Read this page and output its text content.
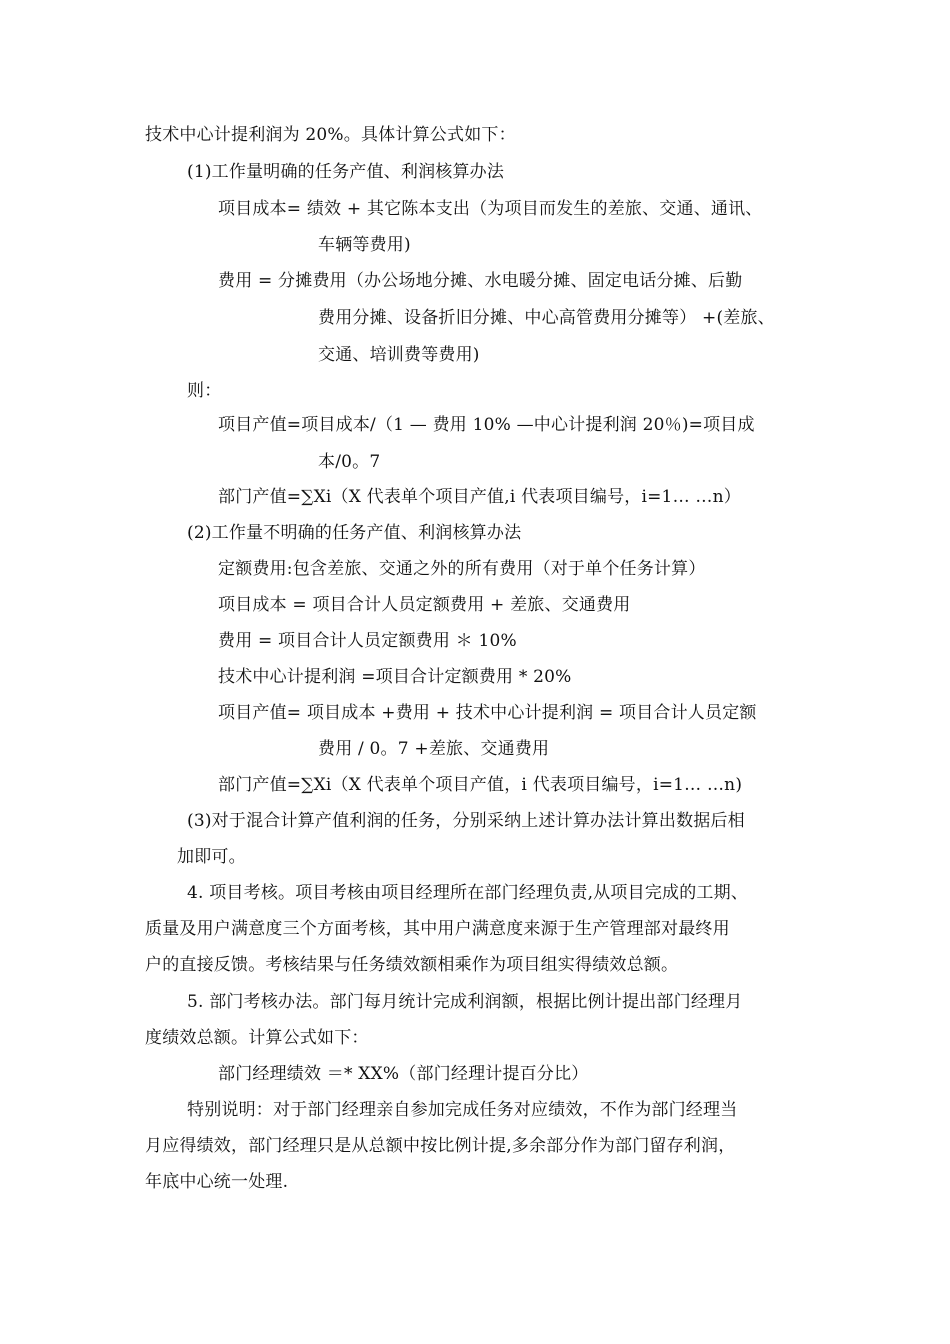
技术中心计提利润为 20%。具体计算公式如下：
(1)工作量明确的任务产值、利润核算办法
项目成本= 绩效 + 其它陈本支出（为项目而发生的差旅、交通、通讯、
车辆等费用)
费用 = 分摊费用（办公场地分摊、水电暖分摊、固定电话分摊、后勤
费用分摊、设备折旧分摊、中心高管费用分摊等） +(差旅、
交通、培训费等费用)
则：
项目产值=项目成本/（1 — 费用 10% —中心计提利润 20％)=项目成
本/0。7
部门产值=∑Xi（X 代表单个项目产值,i 代表项目编号，i=1… …n）
(2)工作量不明确的任务产值、利润核算办法
定额费用:包含差旅、交通之外的所有费用（对于单个任务计算）
项目成本 = 项目合计人员定额费用 + 差旅、交通费用
费用 = 项目合计人员定额费用 ＊ 10%
技术中心计提利润 =项目合计定额费用 * 20%
项目产值= 项目成本 +费用 + 技术中心计提利润 = 项目合计人员定额
费用 / 0。7 +差旅、交通费用
部门产值=∑Xi（X 代表单个项目产值，i 代表项目编号，i=1… …n)
(3)对于混合计算产值利润的任务，分别采纳上述计算办法计算出数据后相
加即可。
4. 项目考核。项目考核由项目经理所在部门经理负责,从项目完成的工期、
质量及用户满意度三个方面考核，其中用户满意度来源于生产管理部对最终用
户的直接反馈。考核结果与任务绩效额相乘作为项目组实得绩效总额。
5. 部门考核办法。部门每月统计完成利润额，根据比例计提出部门经理月
度绩效总额。计算公式如下：
部门经理绩效 ＝* XX%（部门经理计提百分比）
特别说明：对于部门经理亲自参加完成任务对应绩效，不作为部门经理当
月应得绩效，部门经理只是从总额中按比例计提,多余部分作为部门留存利润，
年底中心统一处理.
